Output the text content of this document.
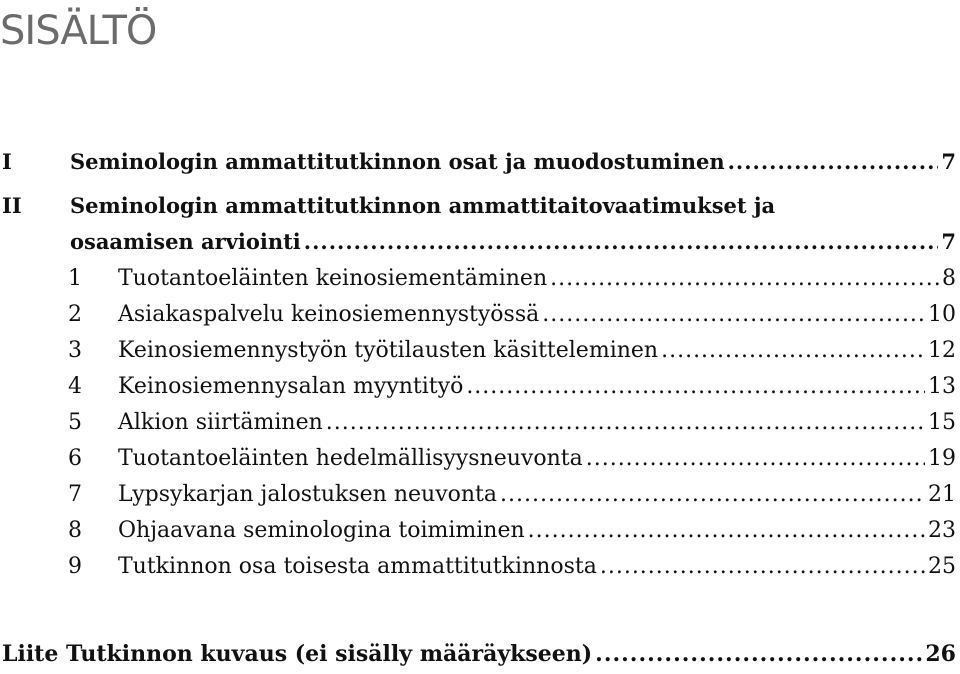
SISÄLTÖ
I	Seminologin ammattitutkinnon osat ja muodostuminen .....	7
II Seminologin ammattitutkinnon ammattitaitovaatimukset ja
osaamisen arviointi .....	7
1 Tuotantoeläinten keinosiementäminen .....	8
2 Asiakaspalvelu keinosiemennystyössä .....	10
3 Keinosiemennystyön työtilausten käsitteleminen .....	12
4 Keinosiemennysalan myyntityö .....	13
5 Alkion siirtäminen .....	15
6 Tuotantoeläinten hedelmällisyysneuvonta .....	19
7 Lypsykarjan jalostuksen neuvonta .....	21
8 Ohjaavana seminologina toimiminen .....	23
9 Tutkinnon osa toisesta ammattitutkinnosta .....	25
Liite Tutkinnon kuvaus (ei sisälly määräykseen) .....	26
